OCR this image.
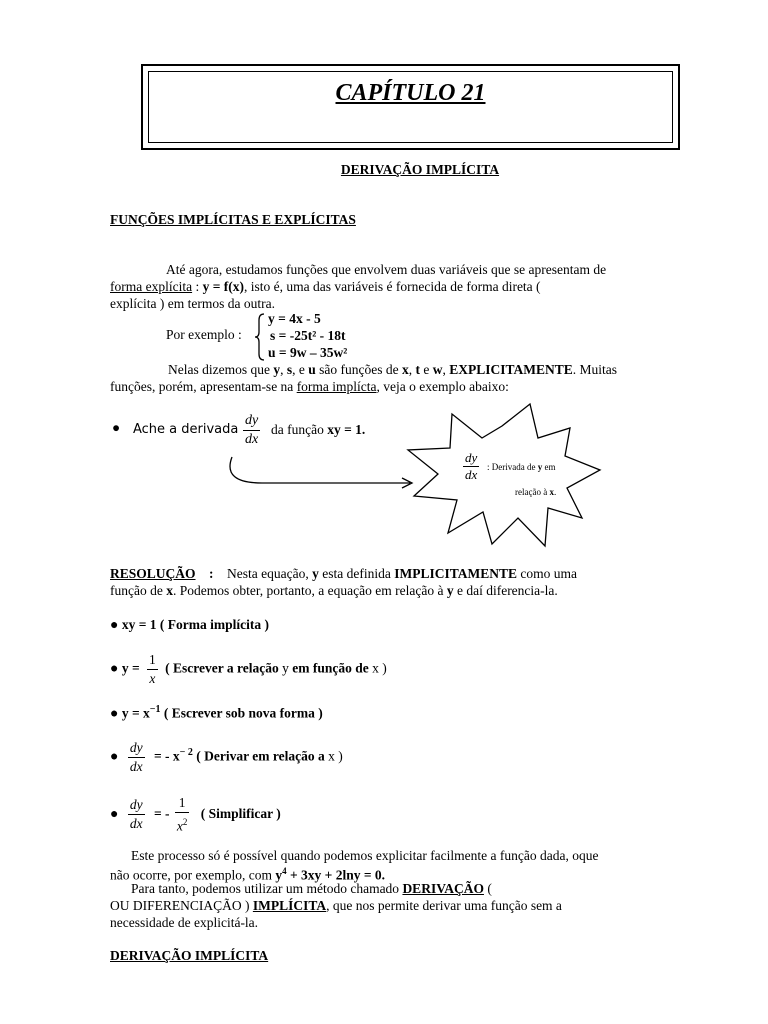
CAPÍTULO 21
DERIVAÇÃO IMPLÍCITA
FUNÇÕES IMPLÍCITAS E EXPLÍCITAS
Até agora, estudamos funções que envolvem duas variáveis que se apresentam de
forma explícita : y = f(x), isto é, uma das variáveis é fornecida de forma direta (
explícita ) em termos da outra.
Por exemplo :
y = 4x - 5
s = -25t² - 18t
u = 9w – 35w²
Nelas dizemos que y, s, e u são funções de x, t e w, EXPLICITAMENTE. Muitas
funções, porém, apresentam-se na forma implícta, veja o exemplo abaixo:
● Ache a derivada $\frac{dy}{dx}$ da função xy = 1.
$\frac{dy}{dx}$ : Derivada de y em
relação à x.
RESOLUÇÃO : Nesta equação, y esta definida IMPLICITAMENTE como uma
função de x. Podemos obter, portanto, a equação em relação à y e daí diferencia-la.
● xy = 1 ( Forma implícita )
● $y = \frac{1}{x}$ ( Escrever a relação y em função de x )
● $y = x^{-1}$ ( Escrever sob nova forma )
● $\frac{dy}{dx}$ = - $x^{- 2}$ ( Derivar em relação a x )
● $\frac{dy}{dx}$ = - $\frac{1}{x^2}$ ( Simplificar )
Este processo só é possível quando podemos explicitar facilmente a função dada, oque
não ocorre, por exemplo, com $y^4 + 3xy + 2\ln y = 0$.
Para tanto, podemos utilizar um método chamado DERIVAÇÃO (
OU DIFERENCIAÇÃO ) IMPLÍCITA, que nos permite derivar uma função sem a
necessidade de explicitá-la.
DERIVAÇÃO IMPLÍCITA
